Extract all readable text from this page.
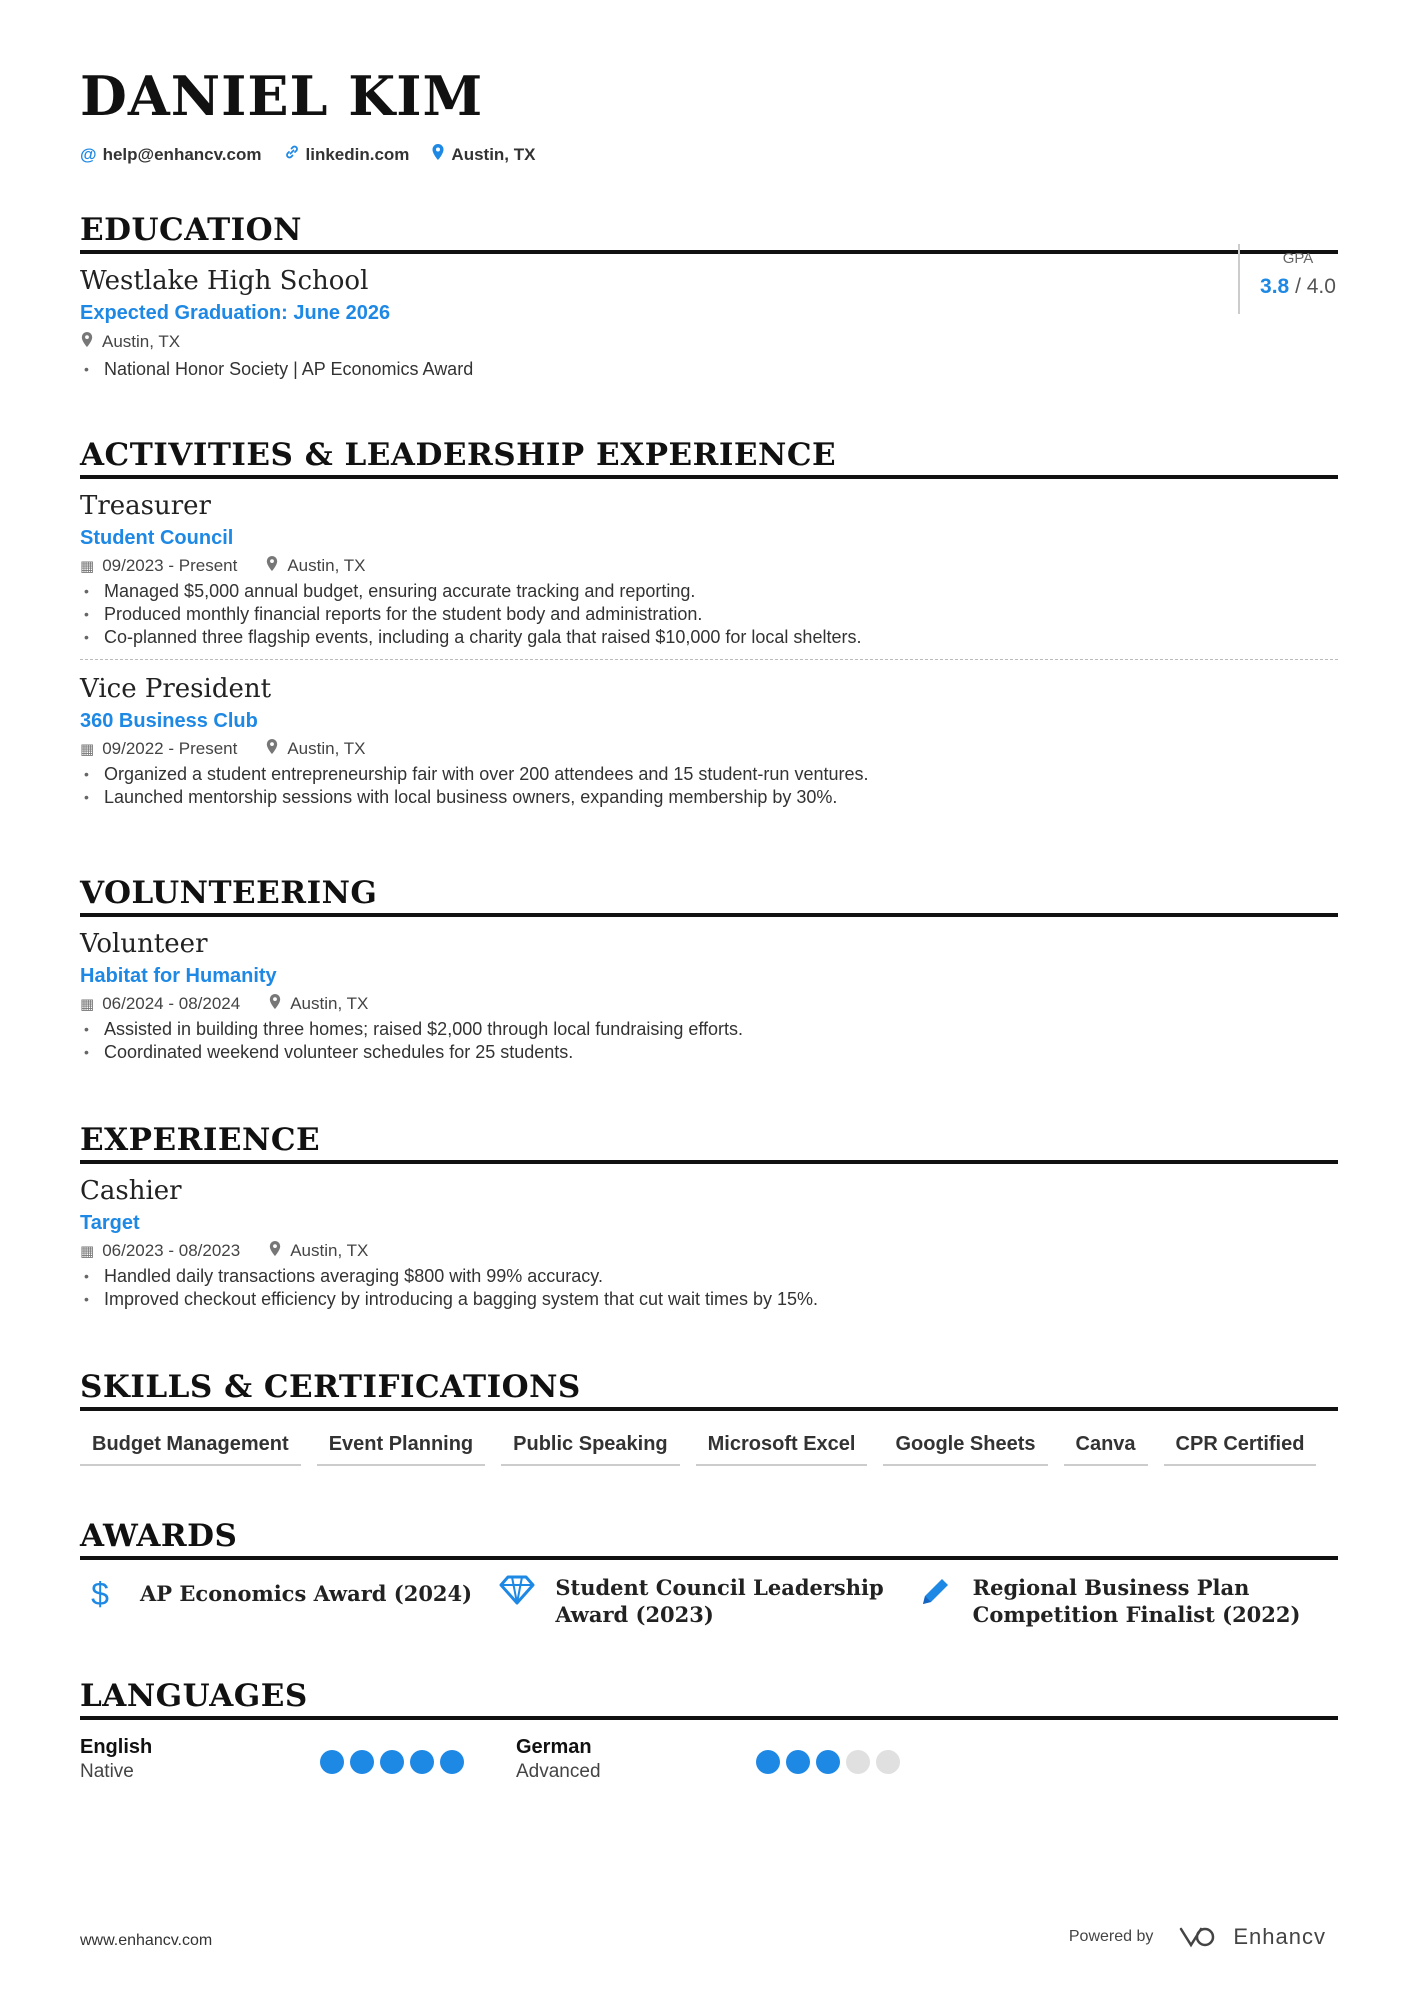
DANIEL KIM
@ help@enhancv.com	linkedin.com Austin, TX
EDUCATION
Westlake High School
Expected Graduation: June 2026
Austin, TX
• National Honor Society | AP Economics Award
GPA
3.8 / 4.0
ACTIVITIES & LEADERSHIP EXPERIENCE
Treasurer
Student Council
▦ 09/2023 - Present	Austin, TX
• Managed $5,000 annual budget, ensuring accurate tracking and reporting.
• Produced monthly financial reports for the student body and administration.
• Co-planned three flagship events, including a charity gala that raised $10,000 for local shelters.
Vice President
360 Business Club
▦ 09/2022 - Present	Austin, TX
• Organized a student entrepreneurship fair with over 200 attendees and 15 student-run ventures.
• Launched mentorship sessions with local business owners, expanding membership by 30%.
VOLUNTEERING
Volunteer
Habitat for Humanity
▦ 06/2024 - 08/2024	Austin, TX
• Assisted in building three homes; raised $2,000 through local fundraising efforts.
• Coordinated weekend volunteer schedules for 25 students.
EXPERIENCE
Cashier
Target
▦ 06/2023 - 08/2023	Austin, TX
• Handled daily transactions averaging $800 with 99% accuracy.
• Improved checkout efficiency by introducing a bagging system that cut wait times by 15%.
SKILLS & CERTIFICATIONS
Budget Management	Event Planning	Public Speaking	Microsoft Excel	Google Sheets	Canva	CPR Certified
AWARDS
$	AP Economics Award (2024)	Student Council Leadership Award (2023)
Regional Business Plan Competition Finalist (2022)
LANGUAGES
English
Native
German
Advanced
www.enhancv.com	Powered by	Enhancv
